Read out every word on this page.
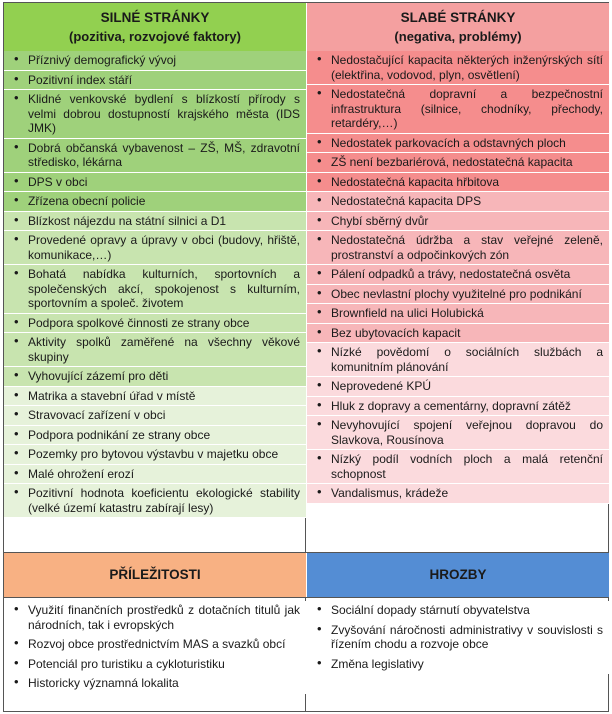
SILNÉ STRÁNKY
(pozitiva, rozvojové faktory)
• Příznivý demografický vývoj
• Pozitivní index stáří
• Klidné venkovské bydlení s blízkostí přírody s velmi dobrou dostupností krajského města (IDS JMK)
• Dobrá občanská vybavenost – ZŠ, MŠ, zdravotní středisko, lékárna
• DPS v obci
• Zřízena obecní policie
• Blízkost nájezdu na státní silnici a D1
• Provedené opravy a úpravy v obci (budovy, hřiště, komunikace,…)
• Bohatá nabídka kulturních, sportovních a společenských akcí, spokojenost s kulturním, sportovním a společ. životem
• Podpora spolkové činnosti ze strany obce
• Aktivity spolků zaměřené na všechny věkové skupiny
• Vyhovující zázemí pro děti
• Matrika a stavební úřad v místě
• Stravovací zařízení v obci
• Podpora podnikání ze strany obce
• Pozemky pro bytovou výstavbu v majetku obce
• Malé ohrožení erozí
• Pozitivní hodnota koeficientu ekologické stability (velké území katastru zabírají lesy)
SLABÉ STRÁNKY
(negativa, problémy)
• Nedostačující kapacita některých inženýrských sítí (elektřina, vodovod, plyn, osvětlení)
• Nedostatečná dopravní a bezpečnostní infrastruktura (silnice, chodníky, přechody, retardéry,…)
• Nedostatek parkovacích a odstavných ploch
• ZŠ není bezbariérová, nedostatečná kapacita
• Nedostatečná kapacita hřbitova
• Nedostatečná kapacita DPS
• Chybí sběrný dvůr
• Nedostatečná údržba a stav veřejné zeleně, prostranství a odpočinkových zón
• Pálení odpadků a trávy, nedostatečná osvěta
• Obec nevlastní plochy využitelné pro podnikání
• Brownfield na ulici Holubická
• Bez ubytovacích kapacit
• Nízké povědomí o sociálních službách a komunitním plánování
• Neprovedené KPÚ
• Hluk z dopravy a cementárny, dopravní zátěž
• Nevyhovující spojení veřejnou dopravou do Slavkova, Rousínova
• Nízký podíl vodních ploch a malá retenční schopnost
• Vandalismus, krádeže
PŘÍLEŽITOSTI
• Využití finančních prostředků z dotačních titulů jak národních, tak i evropských
• Rozvoj obce prostřednictvím MAS a svazků obcí
• Potenciál pro turistiku a cykloturistiku
• Historicky významná lokalita
HROZBY
• Sociální dopady stárnutí obyvatelstva
• Zvyšování náročnosti administrativy v souvislosti s řízením chodu a rozvoje obce
• Změna legislativy
